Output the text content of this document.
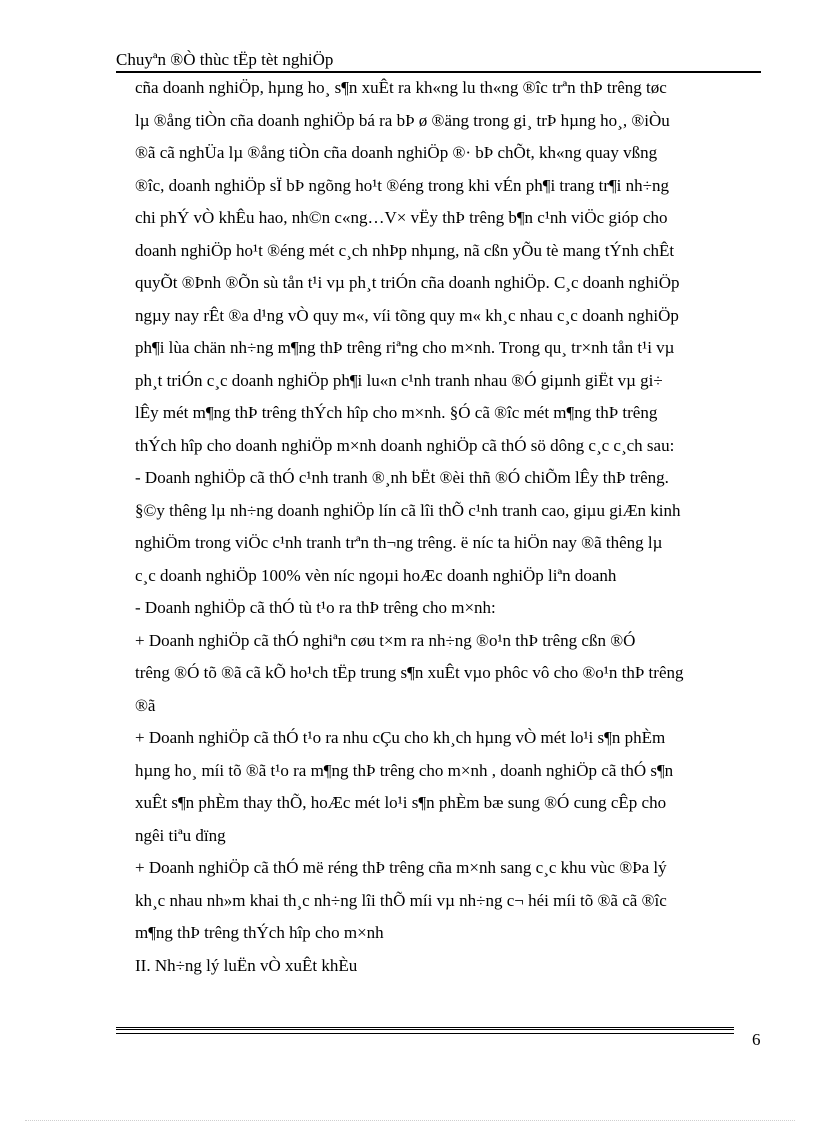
Chuyªn ®Ò thùc tËp tèt nghiÖp
cña doanh nghiÖp, hµng ho¸ s¶n xuÊt ra kh«ng lu th«ng ®îc trªn thÞ trêng tøc
lµ ®ång tiÒn cña doanh nghiÖp bá ra bÞ ø ®äng trong gi¸ trÞ hµng ho¸, ®iÒu
®ã cã nghÜa lµ ®ång tiÒn cña doanh nghiÖp ®· bÞ chÕt, kh«ng quay vßng
®îc, doanh nghiÖp sÏ bÞ ngõng ho¹t ®éng trong khi vÉn ph¶i trang tr¶i nh÷ng
chi phÝ vÒ khÊu hao, nh©n c«ng…V× vËy thÞ trêng b¶n c¹nh viÖc gióp cho
doanh nghiÖp ho¹t ®éng mét c¸ch nhÞp nhµng, nã cßn yÕu tè mang tÝnh chÊt
quyÕt ®Þnh ®Õn sù tån t¹i vµ ph¸t triÓn cña doanh nghiÖp. C¸c doanh nghiÖp
ngµy nay rÊt ®a d¹ng vÒ quy m«, víi tõng quy m« kh¸c nhau c¸c doanh nghiÖp
ph¶i lùa chän nh÷ng m¶ng thÞ trêng riªng cho m×nh. Trong qu¸ tr×nh tån t¹i vµ
ph¸t triÓn c¸c doanh nghiÖp ph¶i lu«n c¹nh tranh nhau ®Ó giµnh giËt vµ gi÷
lÊy mét m¶ng thÞ trêng thÝch hîp cho m×nh. §Ó cã ®îc mét m¶ng thÞ trêng
thÝch hîp cho doanh nghiÖp m×nh doanh nghiÖp cã thÓ sö dông c¸c c¸ch sau:
- Doanh nghiÖp cã thÓ c¹nh tranh ®¸nh bËt ®èi thñ ®Ó chiÕm lÊy thÞ trêng.
§©y thêng lµ nh÷ng doanh nghiÖp lín cã lîi thÕ c¹nh tranh cao, giµu giÆn kinh
nghiÖm trong viÖc c¹nh tranh trªn th¬ng trêng. ë níc ta hiÖn nay ®ã thêng lµ
c¸c doanh nghiÖp 100% vèn níc ngoµi hoÆc doanh nghiÖp liªn doanh
- Doanh nghiÖp cã thÓ tù t¹o ra thÞ trêng cho m×nh:
+ Doanh nghiÖp cã thÓ nghiªn cøu t×m ra nh÷ng ®o¹n thÞ trêng cßn ®Ó
trêng ®Ó tõ ®ã cã kÕ ho¹ch tËp trung s¶n xuÊt vµo phôc vô cho ®o¹n thÞ trêng
®ã
+ Doanh nghiÖp cã thÓ t¹o ra nhu cÇu cho kh¸ch hµng vÒ mét lo¹i s¶n phÈm
hµng ho¸ míi tõ ®ã t¹o ra m¶ng thÞ trêng cho m×nh , doanh nghiÖp cã thÓ s¶n
xuÊt s¶n phÈm thay thÕ, hoÆc mét lo¹i s¶n phÈm bæ sung ®Ó cung cÊp cho
ngêi tiªu dïng
+ Doanh nghiÖp cã thÓ më réng thÞ trêng cña m×nh sang c¸c khu vùc ®Þa lý
kh¸c nhau nh»m khai th¸c nh÷ng lîi thÕ míi vµ nh÷ng c¬ héi míi tõ ®ã cã ®îc
m¶ng thÞ trêng thÝch hîp cho m×nh
II. Nh÷ng lý luËn vÒ xuÊt khÈu
6
